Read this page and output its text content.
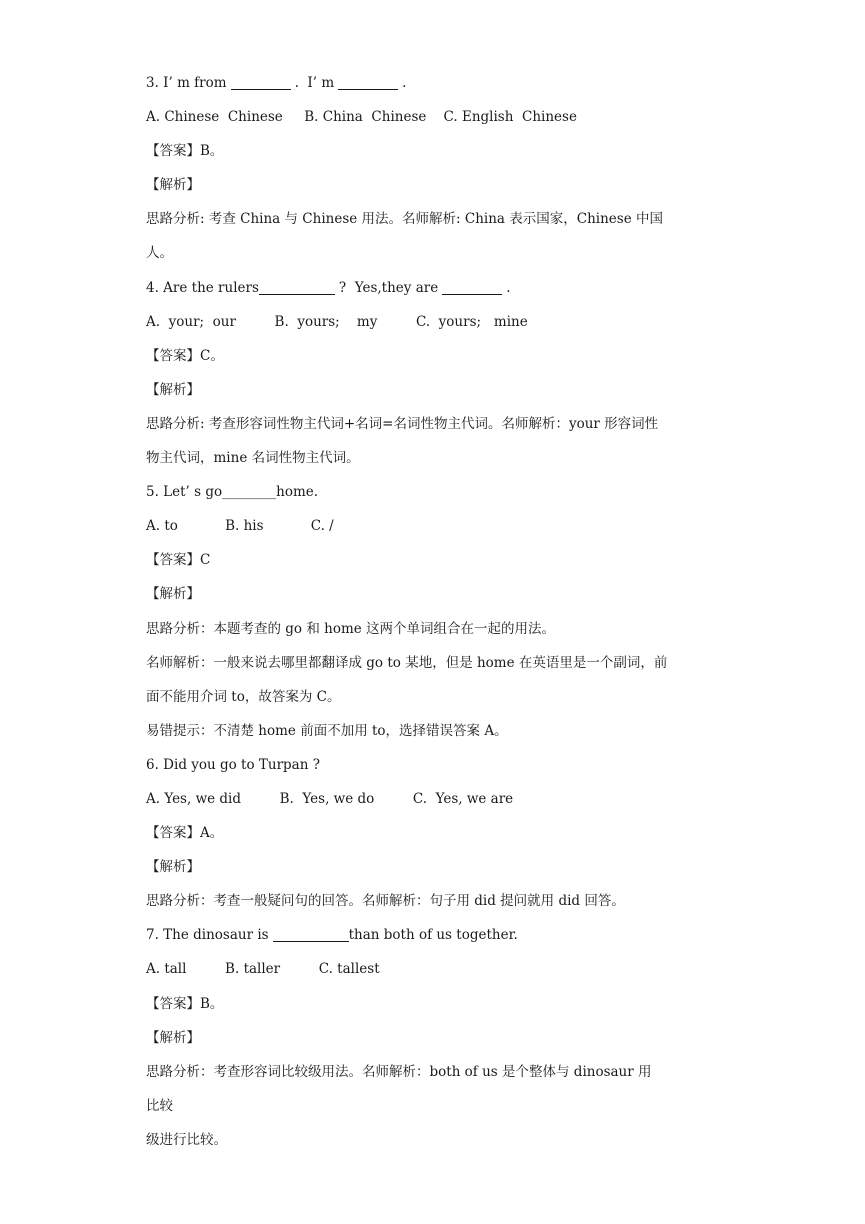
3. I’ m from	.  I’ m	.
A. Chinese  Chinese     B. China  Chinese    C. English  Chinese
【答案】B。
【解析】
思路分析: 考查 China 与 Chinese 用法。名师解析: China 表示国家，Chinese 中国
人。
4. Are the rulers	?  Yes,they are	.
A.  your;  our         B.  yours;    my         C.  yours;   mine
【答案】C。
【解析】
思路分析: 考查形容词性物主代词+名词=名词性物主代词。名师解析：your 形容词性
物主代词，mine 名词性物主代词。
5. Let’ s go________home.
A. to           B. his           C. /
【答案】C
【解析】
思路分析：本题考查的 go 和 home 这两个单词组合在一起的用法。
名师解析：一般来说去哪里都翻译成 go to 某地，但是 home 在英语里是一个副词，前
面不能用介词 to，故答案为 C。
易错提示：不清楚 home 前面不加用 to，选择错误答案 A。
6. Did you go to Turpan ?
A. Yes, we did         B.  Yes, we do         C.  Yes, we are
【答案】A。
【解析】
思路分析：考查一般疑问句的回答。名师解析：句子用 did 提问就用 did 回答。
7. The dinosaur is	than both of us together.
A. tall         B. taller         C. tallest
【答案】B。
【解析】
思路分析：考查形容词比较级用法。名师解析：both of us 是个整体与 dinosaur 用
比较
级进行比较。
